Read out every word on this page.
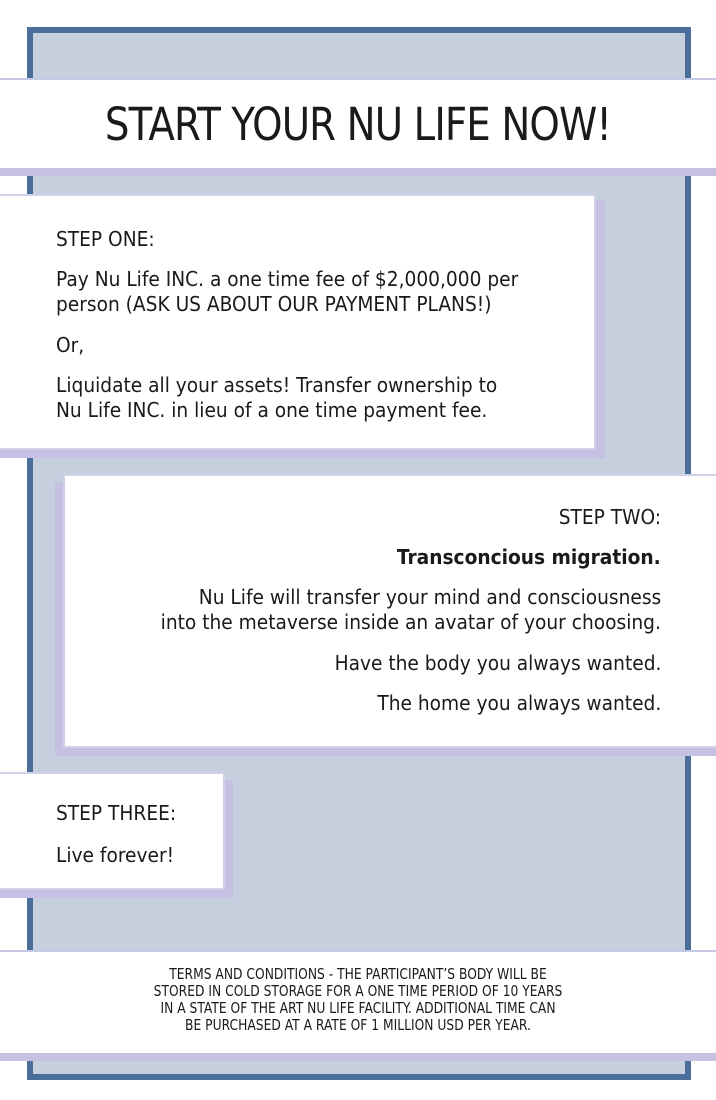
START YOUR NU LIFE NOW!
STEP ONE:
Pay Nu Life INC. a one time fee of $2,000,000 per
person (ASK US ABOUT OUR PAYMENT PLANS!)
Or,
Liquidate all your assets! Transfer ownership to
Nu Life INC. in lieu of a one time payment fee.
STEP TWO:
Transconcious migration.
Nu Life will transfer your mind and consciousness
into the metaverse inside an avatar of your choosing.
Have the body you always wanted.
The home you always wanted.
STEP THREE:
Live forever!
TERMS AND CONDITIONS - THE PARTICIPANT’S BODY WILL BE
STORED IN COLD STORAGE FOR A ONE TIME PERIOD OF 10 YEARS
IN A STATE OF THE ART NU LIFE FACILITY. ADDITIONAL TIME CAN
BE PURCHASED AT A RATE OF 1 MILLION USD PER YEAR.
